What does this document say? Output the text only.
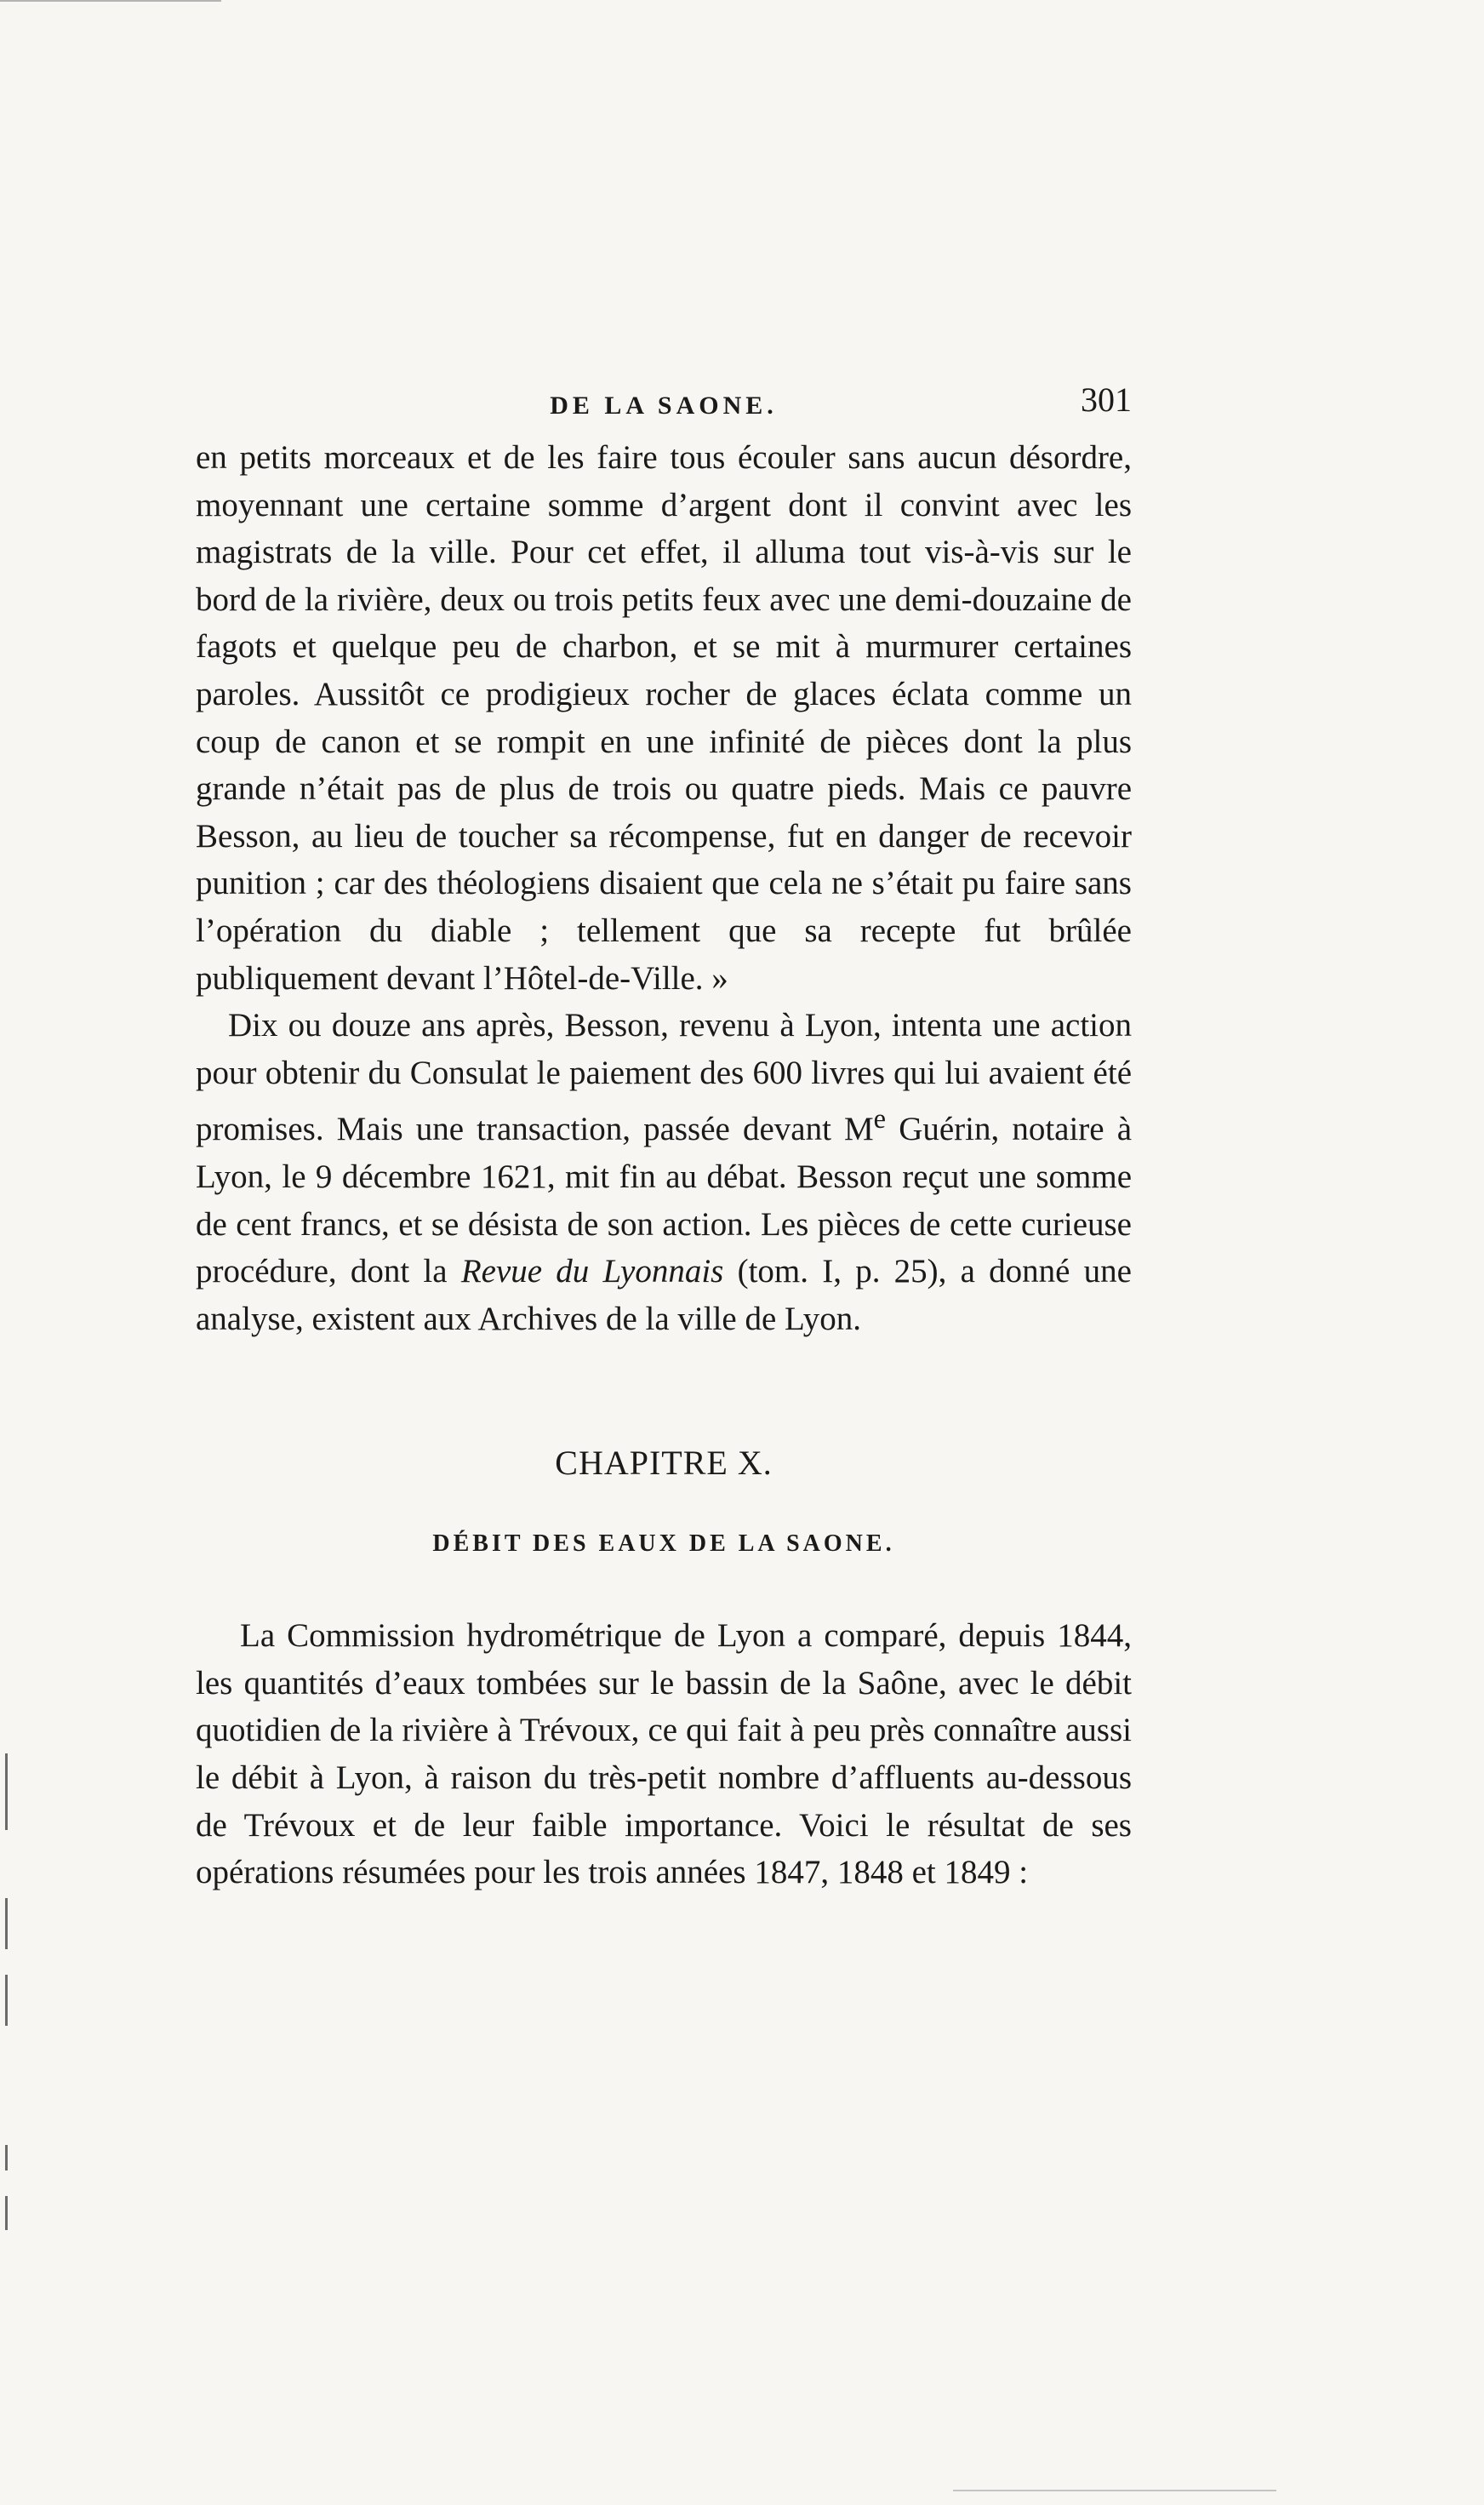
DE LA SAONE.	301

en petits morceaux et de les faire tous écouler sans aucun désordre, moyennant une certaine somme d’argent dont il convint avec les magistrats de la ville. Pour cet effet, il alluma tout vis-à-vis sur le bord de la rivière, deux ou trois petits feux avec une demi-douzaine de fagots et quelque peu de charbon, et se mit à murmurer certaines paroles. Aussitôt ce prodigieux rocher de glaces éclata comme un coup de canon et se rompit en une infinité de pièces dont la plus grande n’était pas de plus de trois ou quatre pieds. Mais ce pauvre Besson, au lieu de toucher sa récompense, fut en danger de recevoir punition ; car des théologiens disaient que cela ne s’était pu faire sans l’opération du diable ; tellement que sa recepte fut brûlée publiquement devant l’Hôtel-de-Ville. »

Dix ou douze ans après, Besson, revenu à Lyon, intenta une action pour obtenir du Consulat le paiement des 600 livres qui lui avaient été promises. Mais une transaction, passée devant Me Guérin, notaire à Lyon, le 9 décembre 1621, mit fin au débat. Besson reçut une somme de cent francs, et se désista de son action. Les pièces de cette curieuse procédure, dont la Revue du Lyonnais (tom. I, p. 25), a donné une analyse, existent aux Archives de la ville de Lyon.

CHAPITRE X.
DÉBIT DES EAUX DE LA SAONE.

La Commission hydrométrique de Lyon a comparé, depuis 1844, les quantités d’eaux tombées sur le bassin de la Saône, avec le débit quotidien de la rivière à Trévoux, ce qui fait à peu près connaître aussi le débit à Lyon, à raison du très-petit nombre d’affluents au-dessous de Trévoux et de leur faible importance. Voici le résultat de ses opérations résumées pour les trois années 1847, 1848 et 1849 :
